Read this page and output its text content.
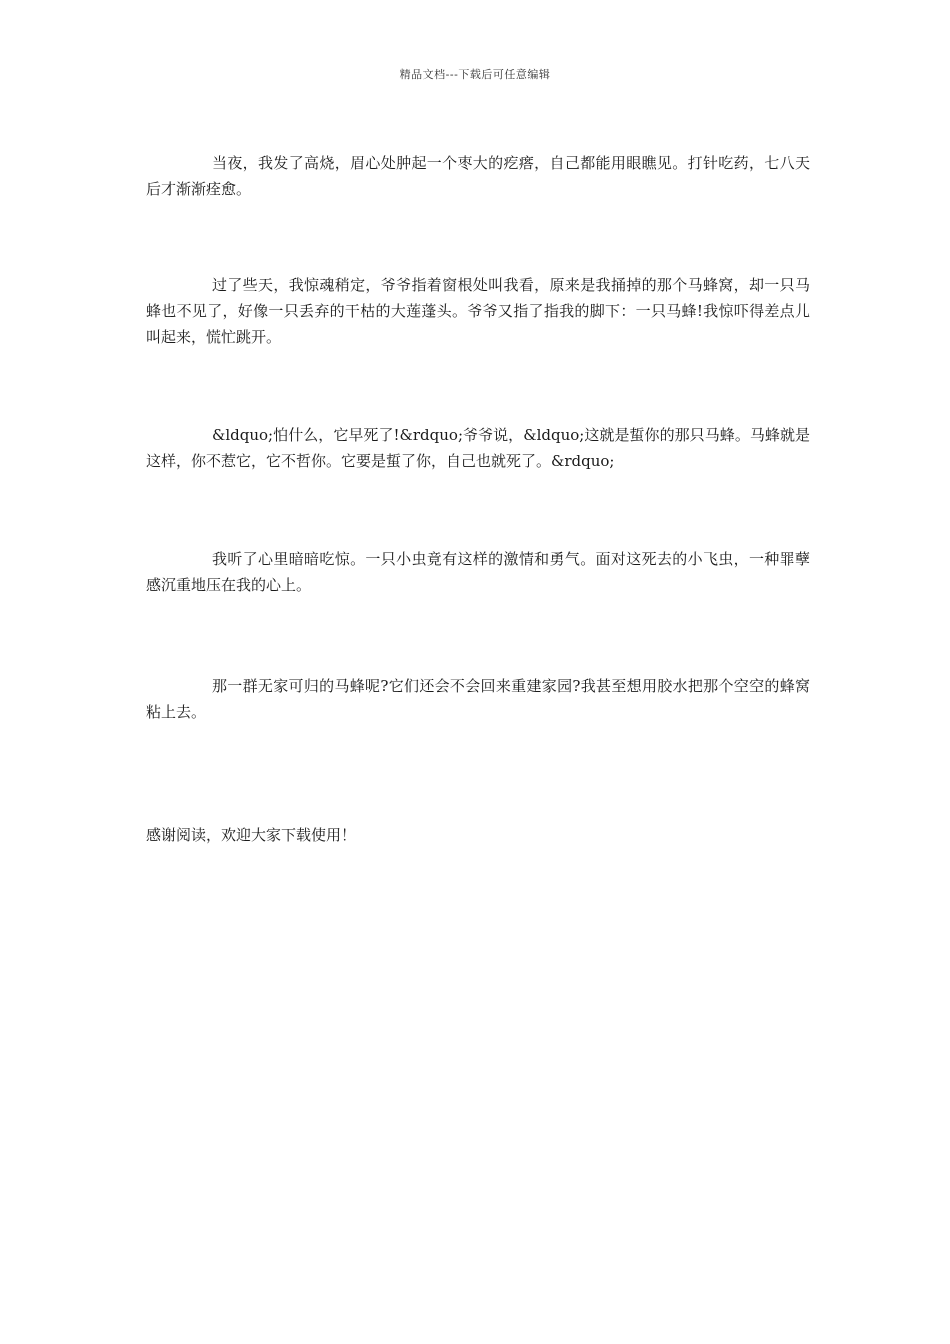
精品文档---下载后可任意编辑

当夜，我发了高烧，眉心处肿起一个枣大的疙瘩，自己都能用眼瞧见。打针吃药，七八天后才渐渐痊愈。

过了些天，我惊魂稍定，爷爷指着窗根处叫我看，原来是我捅掉的那个马蜂窝，却一只马蜂也不见了，好像一只丢弃的干枯的大莲蓬头。爷爷又指了指我的脚下：一只马蜂!我惊吓得差点儿叫起来，慌忙跳开。

&ldquo;怕什么，它早死了!&rdquo;爷爷说，&ldquo;这就是蜇你的那只马蜂。马蜂就是这样，你不惹它，它不哲你。它要是蜇了你，自己也就死了。&rdquo;

我听了心里暗暗吃惊。一只小虫竟有这样的激情和勇气。面对这死去的小飞虫，一种罪孽感沉重地压在我的心上。

那一群无家可归的马蜂呢?它们还会不会回来重建家园?我甚至想用胶水把那个空空的蜂窝粘上去。

感谢阅读，欢迎大家下载使用！
